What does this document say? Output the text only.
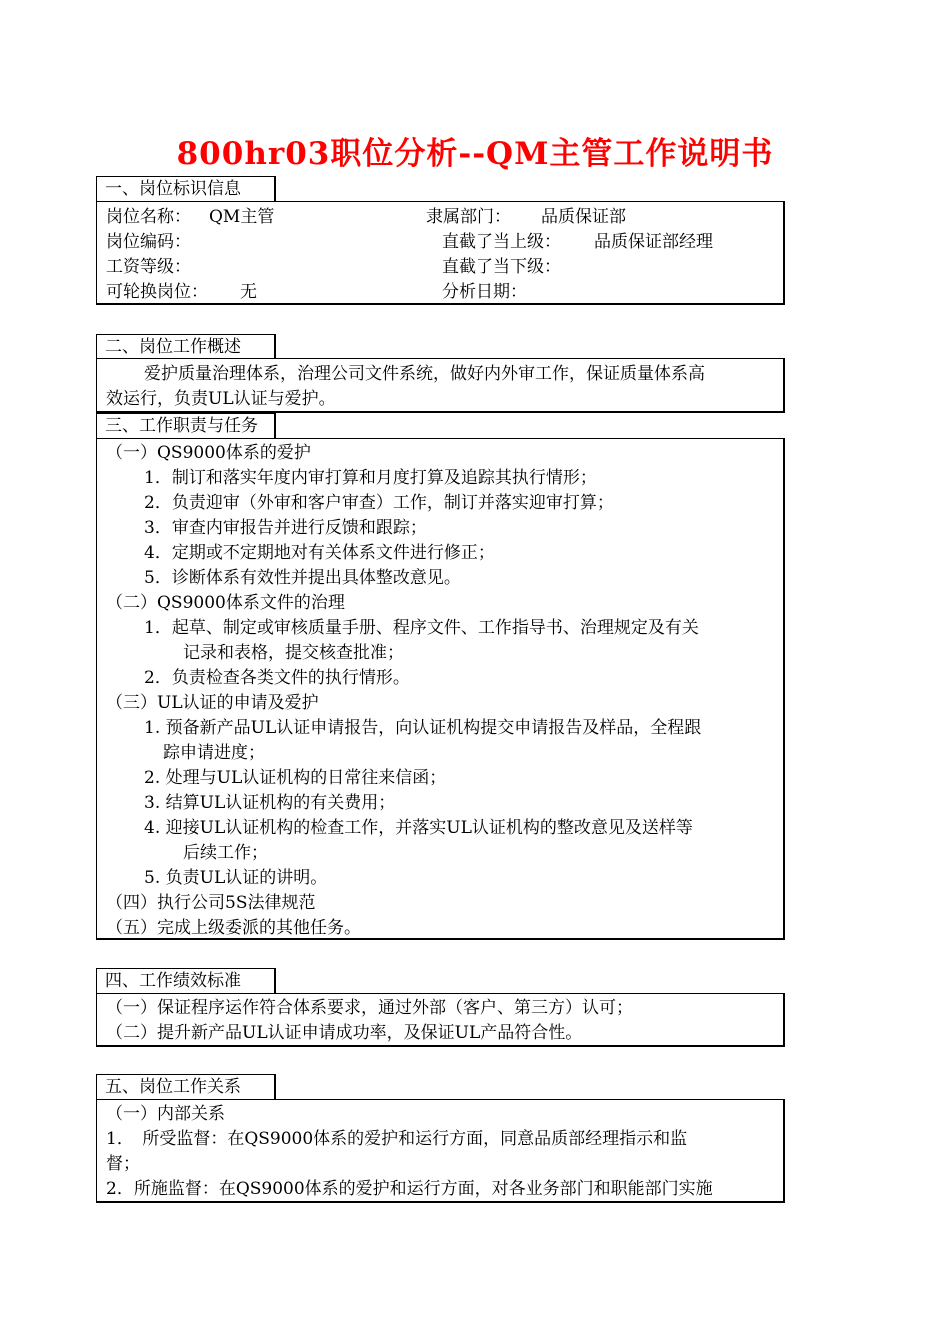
800hr03职位分析--QM主管工作说明书
一、岗位标识信息
岗位名称： QM主管	隶属部门： 品质保证部
岗位编码：	直截了当上级： 品质保证部经理
工资等级：	直截了当下级：
可轮换岗位： 无	分析日期：
二、岗位工作概述
爱护质量治理体系，治理公司文件系统，做好内外审工作，保证质量体系高
效运行，负责UL认证与爱护。
三、工作职责与任务
（一）QS9000体系的爱护
1．制订和落实年度内审打算和月度打算及追踪其执行情形；
2．负责迎审（外审和客户审查）工作，制订并落实迎审打算；
3．审查内审报告并进行反馈和跟踪；
4．定期或不定期地对有关体系文件进行修正；
5．诊断体系有效性并提出具体整改意见。
（二）QS9000体系文件的治理
1．起草、制定或审核质量手册、程序文件、工作指导书、治理规定及有关
记录和表格，提交核查批准；
2．负责检查各类文件的执行情形。
（三）UL认证的申请及爱护
1. 预备新产品UL认证申请报告，向认证机构提交申请报告及样品，全程跟
踪申请进度；
2. 处理与UL认证机构的日常往来信函；
3. 结算UL认证机构的有关费用；
4. 迎接UL认证机构的检查工作，并落实UL认证机构的整改意见及送样等
后续工作；
5. 负责UL认证的讲明。
（四）执行公司5S法律规范
（五）完成上级委派的其他任务。
四、工作绩效标准
（一）保证程序运作符合体系要求，通过外部（客户、第三方）认可；
（二）提升新产品UL认证申请成功率，及保证UL产品符合性。
五、岗位工作关系
（一）内部关系
1．　所受监督：在QS9000体系的爱护和运行方面，同意品质部经理指示和监
督；
2．所施监督：在QS9000体系的爱护和运行方面，对各业务部门和职能部门实施
